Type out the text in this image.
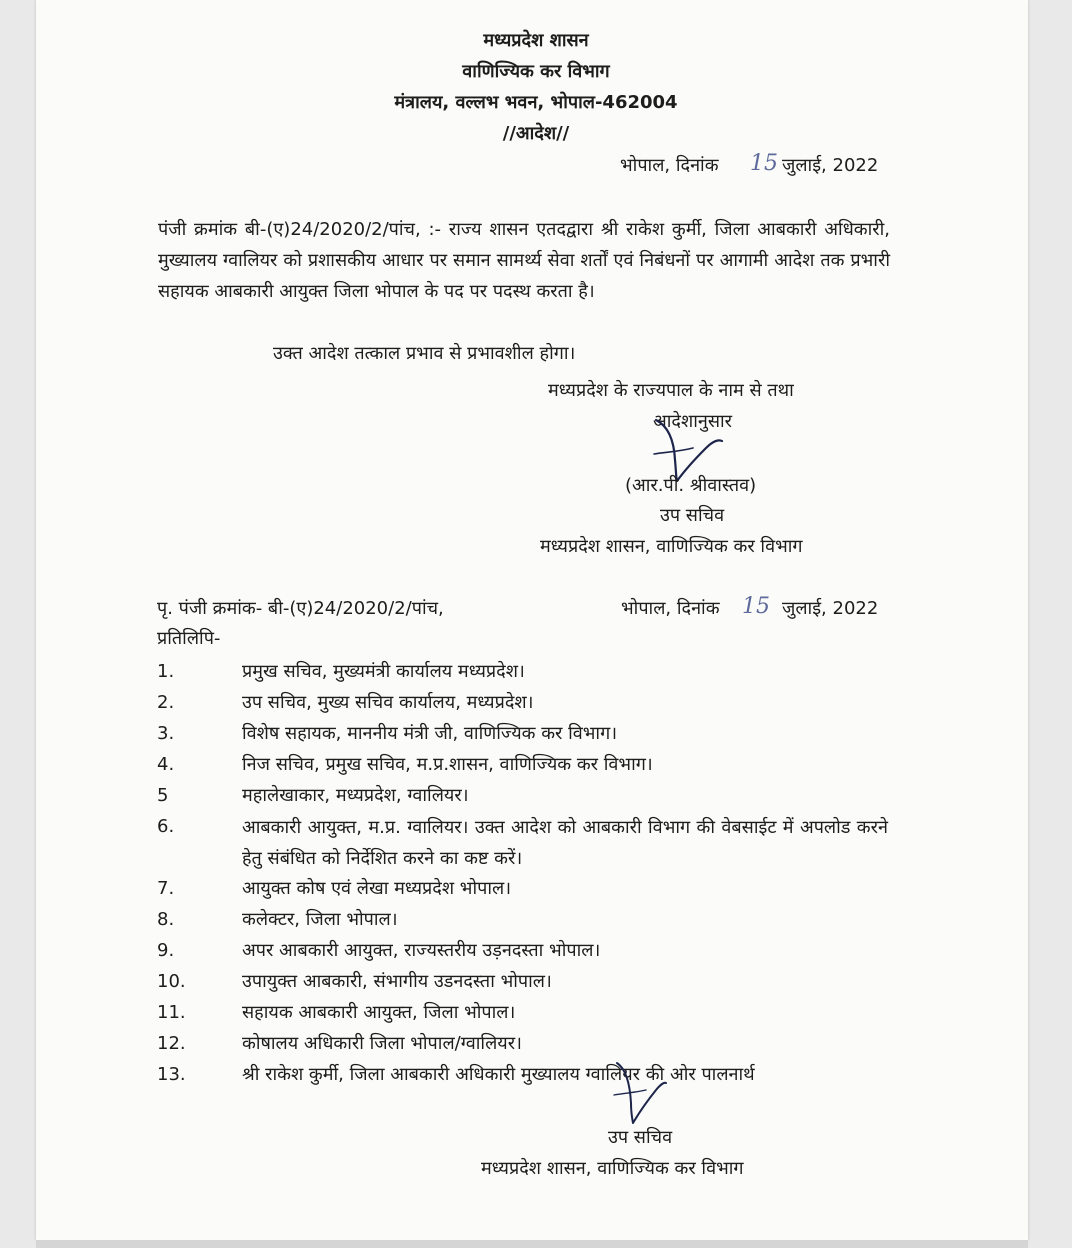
मध्यप्रदेश शासन
वाणिज्यिक कर विभाग
मंत्रालय, वल्लभ भवन, भोपाल-462004
//आदेश//
भोपाल, दिनांक 15 जुलाई, 2022
पंजी क्रमांक बी-(ए)24/2020/2/पांच, :- राज्य शासन एतदद्वारा श्री राकेश कुर्मी, जिला आबकारी अधिकारी, मुख्यालय ग्वालियर को प्रशासकीय आधार पर समान सामर्थ्य सेवा शर्तों एवं निबंधनों पर आगामी आदेश तक प्रभारी सहायक आबकारी आयुक्त जिला भोपाल के पद पर पदस्थ करता है।
उक्त आदेश तत्काल प्रभाव से प्रभावशील होगा।
मध्यप्रदेश के राज्यपाल के नाम से तथा
आदेशानुसार
(आर.पी. श्रीवास्तव)
उप सचिव
मध्यप्रदेश शासन, वाणिज्यिक कर विभाग
पृ. पंजी क्रमांक- बी-(ए)24/2020/2/पांच,	भोपाल, दिनांक 15 जुलाई, 2022
प्रतिलिपि-
1.	प्रमुख सचिव, मुख्यमंत्री कार्यालय मध्यप्रदेश।
2.	उप सचिव, मुख्य सचिव कार्यालय, मध्यप्रदेश।
3.	विशेष सहायक, माननीय मंत्री जी, वाणिज्यिक कर विभाग।
4.	निज सचिव, प्रमुख सचिव, म.प्र.शासन, वाणिज्यिक कर विभाग।
5	महालेखाकार, मध्यप्रदेश, ग्वालियर।
6.	आबकारी आयुक्त, म.प्र. ग्वालियर। उक्त आदेश को आबकारी विभाग की वेबसाईट में अपलोड करने हेतु संबंधित को निर्देशित करने का कष्ट करें।
7.	आयुक्त कोष एवं लेखा मध्यप्रदेश भोपाल।
8.	कलेक्टर, जिला भोपाल।
9.	अपर आबकारी आयुक्त, राज्यस्तरीय उड़नदस्ता भोपाल।
10.	उपायुक्त आबकारी, संभागीय उडनदस्ता भोपाल।
11.	सहायक आबकारी आयुक्त, जिला भोपाल।
12.	कोषालय अधिकारी जिला भोपाल/ग्वालियर।
13.	श्री राकेश कुर्मी, जिला आबकारी अधिकारी मुख्यालय ग्वालियर की ओर पालनार्थ
उप सचिव
मध्यप्रदेश शासन, वाणिज्यिक कर विभाग
